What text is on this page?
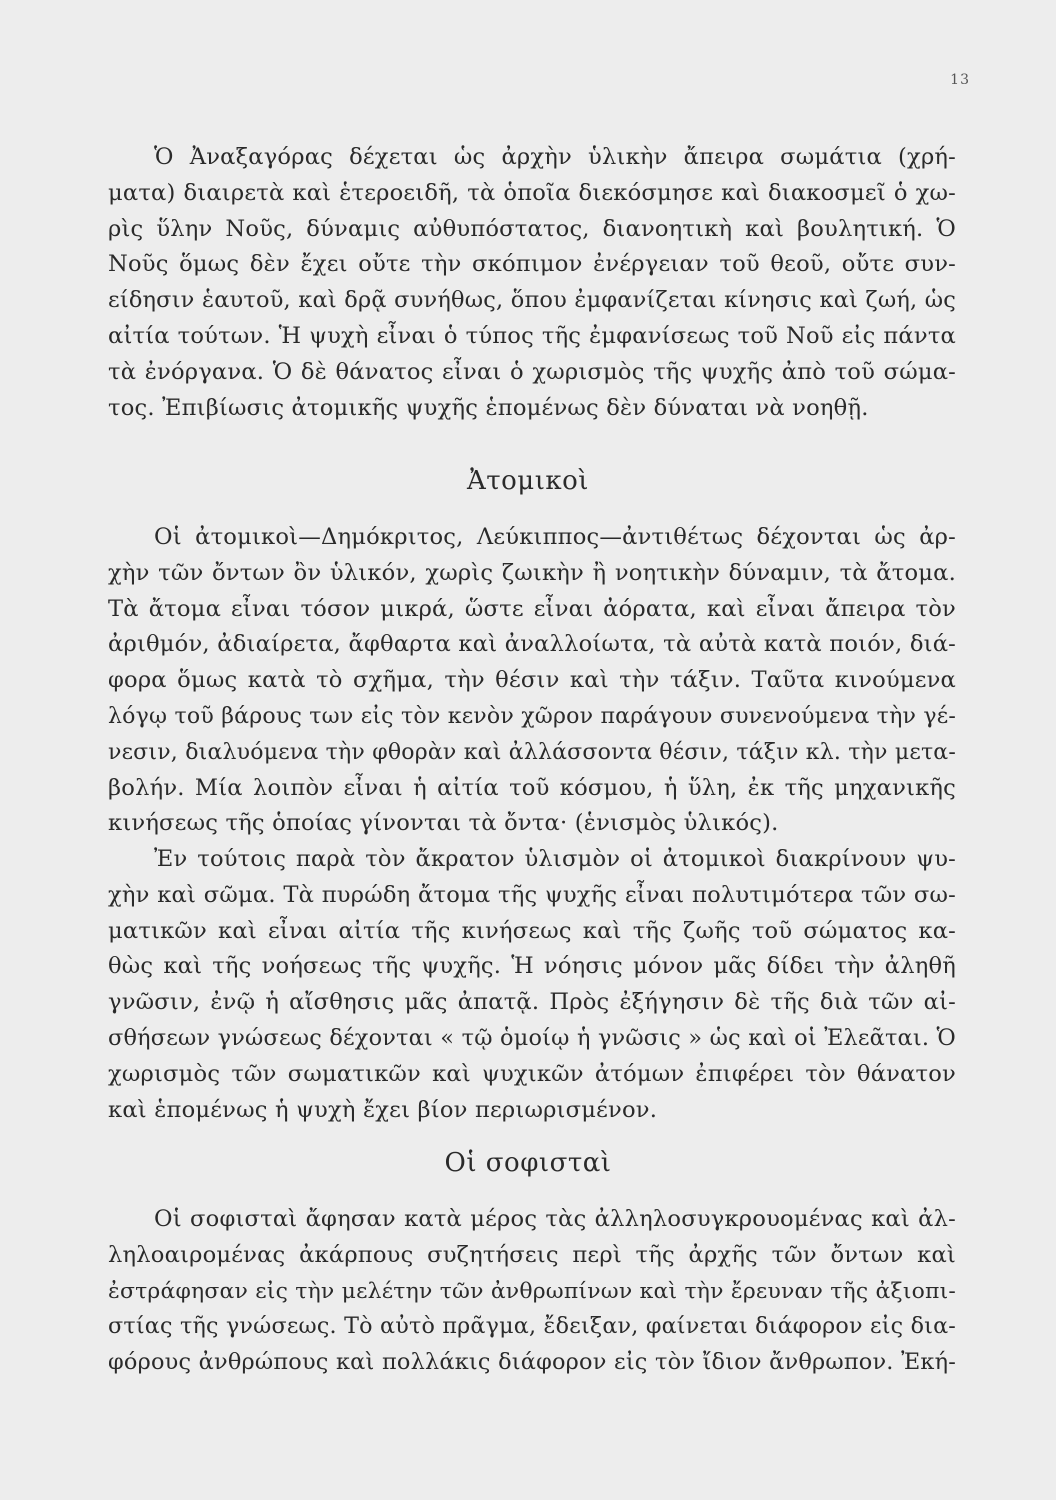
13
Ὁ Ἀναξαγόρας δέχεται ὡς ἀρχὴν ὑλικὴν ἄπειρα σωμάτια (χρή-
ματα) διαιρετὰ καὶ ἑτεροειδῆ, τὰ ὁποῖα διεκόσμησε καὶ διακοσμεῖ ὁ χω-
ρὶς ὕλην Νοῦς, δύναμις αὐθυπόστατος, διανοητικὴ καὶ βουλητική. Ὁ
Νοῦς ὅμως δὲν ἔχει οὔτε τὴν σκόπιμον ἐνέργειαν τοῦ θεοῦ, οὔτε συν-
είδησιν ἑαυτοῦ, καὶ δρᾷ συνήθως, ὅπου ἐμφανίζεται κίνησις καὶ ζωή, ὡς
αἰτία τούτων. Ἡ ψυχὴ εἶναι ὁ τύπος τῆς ἐμφανίσεως τοῦ Νοῦ εἰς πάντα
τὰ ἐνόργανα. Ὁ δὲ θάνατος εἶναι ὁ χωρισμὸς τῆς ψυχῆς ἀπὸ τοῦ σώμα-
τος. Ἐπιβίωσις ἀτομικῆς ψυχῆς ἑπομένως δὲν δύναται νὰ νοηθῇ.
Ἀτομικοὶ
Οἱ ἀτομικοὶ—Δημόκριτος, Λεύκιππος—ἀντιθέτως δέχονται ὡς ἀρ-
χὴν τῶν ὄντων ὂν ὑλικόν, χωρὶς ζωικὴν ἢ νοητικὴν δύναμιν, τὰ ἄτομα.
Τὰ ἄτομα εἶναι τόσον μικρά, ὥστε εἶναι ἀόρατα, καὶ εἶναι ἄπειρα τὸν
ἀριθμόν, ἀδιαίρετα, ἄφθαρτα καὶ ἀναλλοίωτα, τὰ αὐτὰ κατὰ ποιόν, διά-
φορα ὅμως κατὰ τὸ σχῆμα, τὴν θέσιν καὶ τὴν τάξιν. Ταῦτα κινούμενα
λόγῳ τοῦ βάρους των εἰς τὸν κενὸν χῶρον παράγουν συνενούμενα τὴν γέ-
νεσιν, διαλυόμενα τὴν φθορὰν καὶ ἀλλάσσοντα θέσιν, τάξιν κλ. τὴν μετα-
βολήν. Μία λοιπὸν εἶναι ἡ αἰτία τοῦ κόσμου, ἡ ὕλη, ἐκ τῆς μηχανικῆς
κινήσεως τῆς ὁποίας γίνονται τὰ ὄντα· (ἑνισμὸς ὑλικός).
Ἐν τούτοις παρὰ τὸν ἄκρατον ὑλισμὸν οἱ ἀτομικοὶ διακρίνουν ψυ-
χὴν καὶ σῶμα. Τὰ πυρώδη ἄτομα τῆς ψυχῆς εἶναι πολυτιμότερα τῶν σω-
ματικῶν καὶ εἶναι αἰτία τῆς κινήσεως καὶ τῆς ζωῆς τοῦ σώματος κα-
θὼς καὶ τῆς νοήσεως τῆς ψυχῆς. Ἡ νόησις μόνον μᾶς δίδει τὴν ἀληθῆ
γνῶσιν, ἐνῷ ἡ αἴσθησις μᾶς ἀπατᾷ. Πρὸς ἐξήγησιν δὲ τῆς διὰ τῶν αἰ-
σθήσεων γνώσεως δέχονται « τῷ ὁμοίῳ ἡ γνῶσις » ὡς καὶ οἱ Ἐλεᾶται. Ὁ
χωρισμὸς τῶν σωματικῶν καὶ ψυχικῶν ἀτόμων ἐπιφέρει τὸν θάνατον
καὶ ἑπομένως ἡ ψυχὴ ἔχει βίον περιωρισμένον.
Οἱ σοφισταὶ
Οἱ σοφισταὶ ἄφησαν κατὰ μέρος τὰς ἀλληλοσυγκρουομένας καὶ ἀλ-
ληλοαιρομένας ἀκάρπους συζητήσεις περὶ τῆς ἀρχῆς τῶν ὄντων καὶ
ἐστράφησαν εἰς τὴν μελέτην τῶν ἀνθρωπίνων καὶ τὴν ἔρευναν τῆς ἀξιοπι-
στίας τῆς γνώσεως. Τὸ αὐτὸ πρᾶγμα, ἔδειξαν, φαίνεται διάφορον εἰς δια-
φόρους ἀνθρώπους καὶ πολλάκις διάφορον εἰς τὸν ἴδιον ἄνθρωπον. Ἐκή-
